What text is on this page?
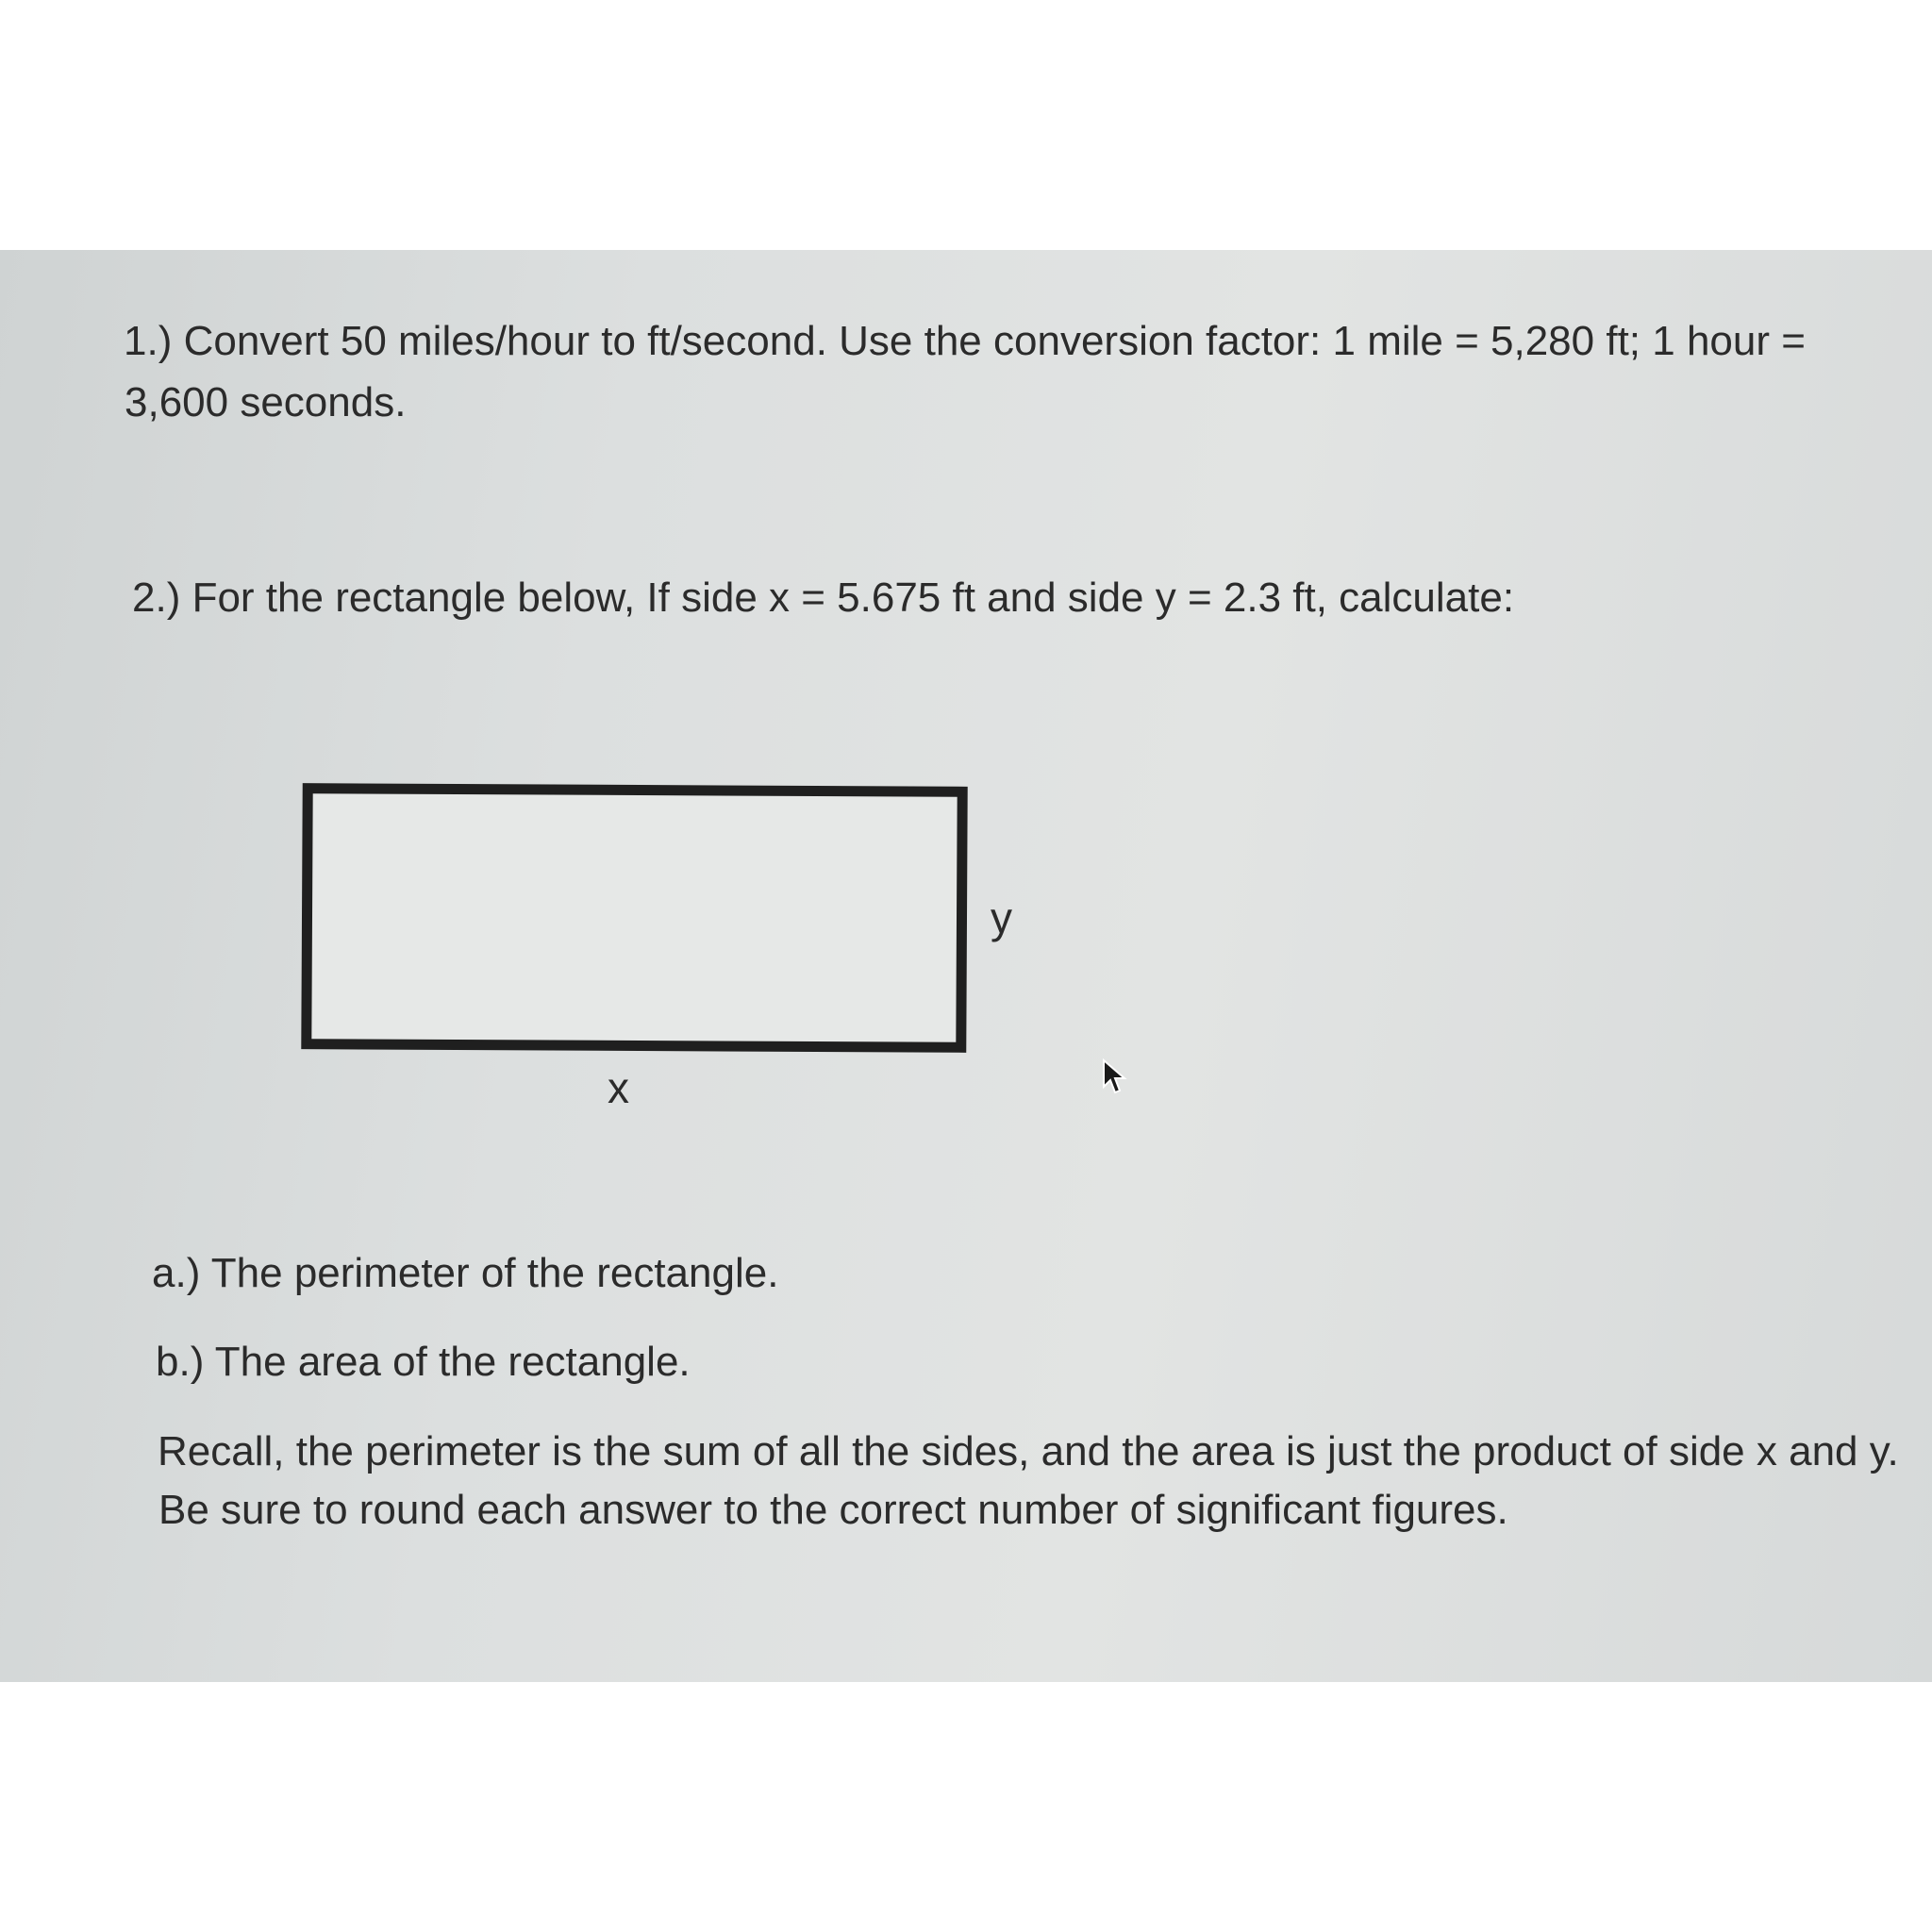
1.) Convert 50 miles/hour to ft/second. Use the conversion factor: 1 mile = 5,280 ft; 1 hour =
3,600 seconds.
2.) For the rectangle below, If side x = 5.675 ft and side y = 2.3 ft, calculate:
y
x
a.) The perimeter of the rectangle.
b.) The area of the rectangle.
Recall, the perimeter is the sum of all the sides, and the area is just the product of side x and y.
Be sure to round each answer to the correct number of significant figures.
